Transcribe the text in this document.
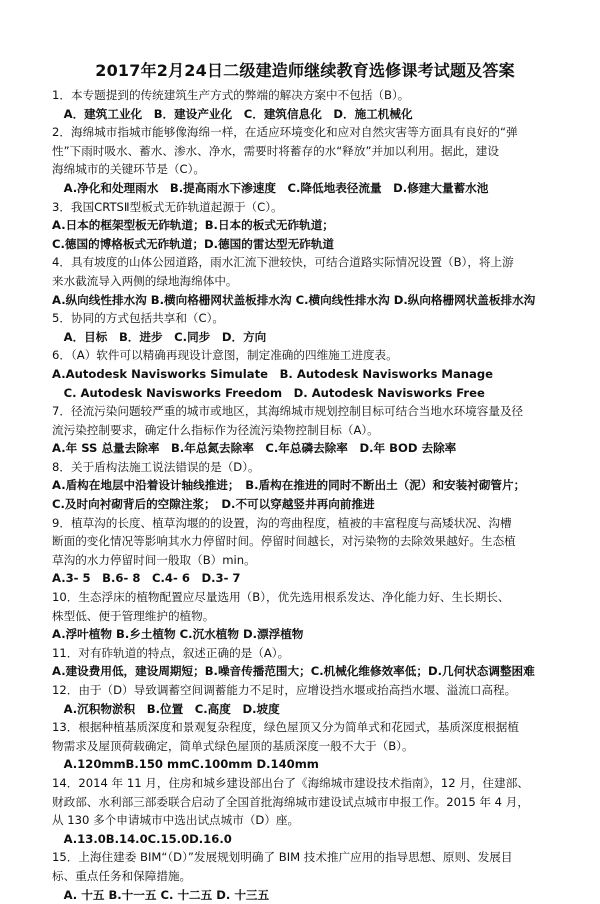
2017年2月24日二级建造师继续教育选修课考试题及答案
1．本专题提到的传统建筑生产方式的弊端的解决方案中不包括（B）。
　A．建筑工业化　B．建设产业化　C．建筑信息化　D．施工机械化
2．海绵城市指城市能够像海绵一样，在适应环境变化和应对自然灾害等方面具有良好的“弹
性”下雨时吸水、蓄水、渗水、净水，需要时将蓄存的水“释放”并加以利用。据此，建设
海绵城市的关键环节是（C）。
　A.净化和处理雨水　B.提高雨水下渗速度　C.降低地表径流量　D.修建大量蓄水池
3．我国CRTSⅡ型板式无砟轨道起源于（C）。
A.日本的框架型板无砟轨道；B.日本的板式无砟轨道；
C.德国的博格板式无砟轨道；D.德国的雷达型无砟轨道
4．具有坡度的山体公园道路，雨水汇流下泄较快，可结合道路实际情况设置（B），将上游
来水截流导入两侧的绿地海绵体中。
A.纵向线性排水沟 B.横向格栅网状盖板排水沟 C.横向线性排水沟 D.纵向格栅网状盖板排水沟
5．协同的方式包括共享和（C）。
　A．目标　B．进步　C.同步　D．方向
6．（A）软件可以精确再现设计意图，制定准确的四维施工进度表。
A.Autodesk Navisworks Simulate　B. Autodesk Navisworks Manage
　C. Autodesk Navisworks Freedom　D. Autodesk Navisworks Free
7．径流污染问题较严重的城市或地区，其海绵城市规划控制目标可结合当地水环境容量及径
流污染控制要求，确定什么指标作为径流污染物控制目标（A）。
A.年 SS 总量去除率　B.年总氮去除率　C.年总磷去除率　D.年 BOD 去除率
8．关于盾构法施工说法错误的是（D）。
A.盾构在地层中沿着设计轴线推进；　B.盾构在推进的同时不断出土（泥）和安装衬砌管片；
C.及时向衬砌背后的空隙注浆；　D.不可以穿越竖井再向前推进
9．植草沟的长度、植草沟堰的的设置，沟的弯曲程度，植被的丰富程度与高矮状况、沟槽
断面的变化情况等影响其水力停留时间。停留时间越长，对污染物的去除效果越好。生态植
草沟的水力停留时间一般取（B）min。
A.3- 5　B.6- 8　C.4- 6　D.3- 7
10．生态浮床的植物配置应尽量选用（B），优先选用根系发达、净化能力好、生长期长、
株型低、便于管理维护的植物。
A.浮叶植物 B.乡土植物 C.沉水植物 D.漂浮植物
11．对有砟轨道的特点，叙述正确的是（A）。
A.建设费用低，建设周期短；B.噪音传播范围大；C.机械化维修效率低；D.几何状态调整困难
12．由于（D）导致调蓄空间调蓄能力不足时，应增设挡水堰或抬高挡水堰、溢流口高程。
　A.沉积物淤积　B.位置　C.高度　D.坡度
13．根据种植基质深度和景观复杂程度，绿色屋顶又分为简单式和花园式，基质深度根据植
物需求及屋顶荷载确定，简单式绿色屋顶的基质深度一般不大于（B）。
　A.120mmB.150 mmC.100mm D.140mm
14．2014 年 11 月，住房和城乡建设部出台了《海绵城市建设技术指南》，12 月，住建部、
财政部、水利部三部委联合启动了全国首批海绵城市建设试点城市申报工作。2015 年 4 月，
从 130 多个申请城市中选出试点城市（D）座。
　A.13.0B.14.0C.15.0D.16.0
15．上海住建委 BIM“（D）”发展规划明确了 BIM 技术推广应用的指导思想、原则、发展目
标、重点任务和保障措施。
　A. 十五 B.十一五 C. 十二五 D. 十三五
